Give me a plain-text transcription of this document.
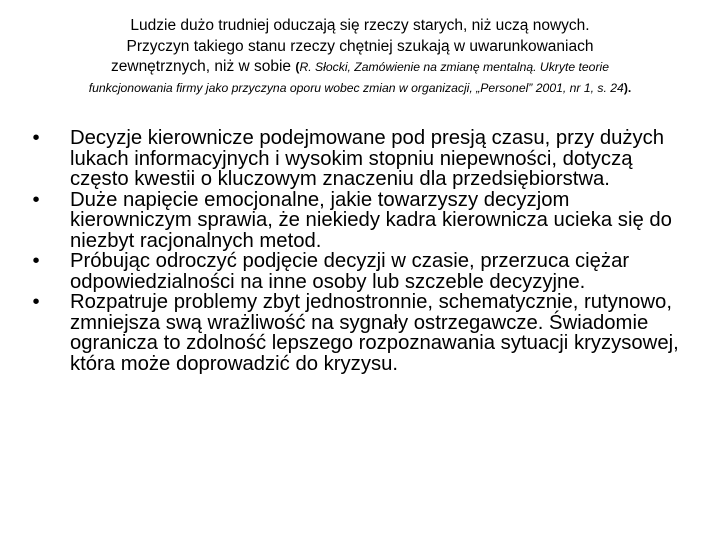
Ludzie dużo trudniej oduczają się rzeczy starych, niż uczą nowych.
Przyczyn takiego stanu rzeczy chętniej szukają w uwarunkowaniach
zewnętrznych, niż w sobie (R. Słocki, Zamówienie na zmianę mentalną. Ukryte teorie
funkcjonowania firmy jako przyczyna oporu wobec zmian w organizacji, „Personel” 2001, nr 1, s. 24).
• Decyzje kierownicze podejmowane pod presją czasu, przy dużych lukach informacyjnych i wysokim stopniu niepewności, dotyczą często kwestii o kluczowym znaczeniu dla przedsiębiorstwa.
• Duże napięcie emocjonalne, jakie towarzyszy decyzjom kierowniczym sprawia, że niekiedy kadra kierownicza ucieka się do niezbyt racjonalnych metod.
• Próbując odroczyć podjęcie decyzji w czasie, przerzuca ciężar odpowiedzialności na inne osoby lub szczeble decyzyjne.
• Rozpatruje problemy zbyt jednostronnie, schematycznie, rutynowo, zmniejsza swą wrażliwość na sygnały ostrzegawcze. Świadomie ogranicza to zdolność lepszego rozpoznawania sytuacji kryzysowej, która może doprowadzić do kryzysu.
